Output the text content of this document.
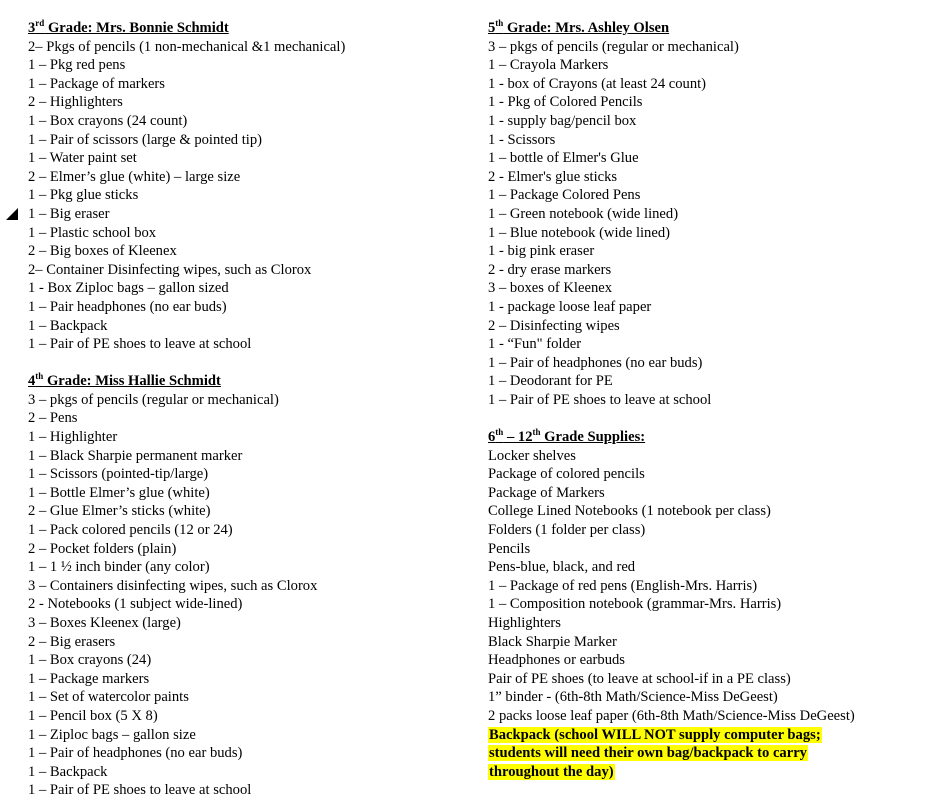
3rd Grade: Mrs. Bonnie Schmidt
2– Pkgs of pencils (1 non-mechanical &1 mechanical)
1 – Pkg red pens
1 – Package of markers
2 – Highlighters
1 – Box crayons (24 count)
1 – Pair of scissors (large & pointed tip)
1 – Water paint set
2 – Elmer’s glue (white) – large size
1 – Pkg glue sticks
1 – Big eraser
1 – Plastic school box
2 – Big boxes of Kleenex
2– Container Disinfecting wipes, such as Clorox
1 - Box Ziploc bags – gallon sized
1 – Pair headphones (no ear buds)
1 – Backpack
1 – Pair of PE shoes to leave at school
4th Grade: Miss Hallie Schmidt
3 – pkgs of pencils (regular or mechanical)
2 – Pens
1 – Highlighter
1 – Black Sharpie permanent marker
1 – Scissors (pointed-tip/large)
1 – Bottle Elmer’s glue (white)
2 – Glue Elmer’s sticks (white)
1 – Pack colored pencils (12 or 24)
2 – Pocket folders (plain)
1 – 1 ½ inch binder (any color)
3 – Containers disinfecting wipes, such as Clorox
2 - Notebooks (1 subject wide-lined)
3 – Boxes Kleenex (large)
2 – Big erasers
1 – Box crayons (24)
1 – Package markers
1 – Set of watercolor paints
1 – Pencil box (5 X 8)
1 – Ziploc bags – gallon size
1 – Pair of headphones (no ear buds)
1 – Backpack
1 – Pair of PE shoes to leave at school
5th Grade: Mrs. Ashley Olsen
3 – pkgs of pencils (regular or mechanical)
1 – Crayola Markers
1 - box of Crayons (at least 24 count)
1 - Pkg of Colored Pencils
1 - supply bag/pencil box
1 - Scissors
1 – bottle of Elmer's Glue
2 - Elmer's glue sticks
1 – Package Colored Pens
1 – Green notebook (wide lined)
1 – Blue notebook (wide lined)
1 - big pink eraser
2 - dry erase markers
3 – boxes of Kleenex
1 - package loose leaf paper
2 – Disinfecting wipes
1 - “Fun" folder
1 – Pair of headphones (no ear buds)
1 – Deodorant for PE
1 – Pair of PE shoes to leave at school
6th – 12th Grade Supplies:
Locker shelves
Package of colored pencils
Package of Markers
College Lined Notebooks (1 notebook per class)
Folders (1 folder per class)
Pencils
Pens-blue, black, and red
1 – Package of red pens (English-Mrs. Harris)
1 – Composition notebook (grammar-Mrs. Harris)
Highlighters
Black Sharpie Marker
Headphones or earbuds
Pair of PE shoes (to leave at school-if in a PE class)
1” binder - (6th-8th Math/Science-Miss DeGeest)
2 packs loose leaf paper (6th-8th Math/Science-Miss DeGeest)
Backpack (school WILL NOT supply computer bags;
students will need their own bag/backpack to carry
throughout the day)
